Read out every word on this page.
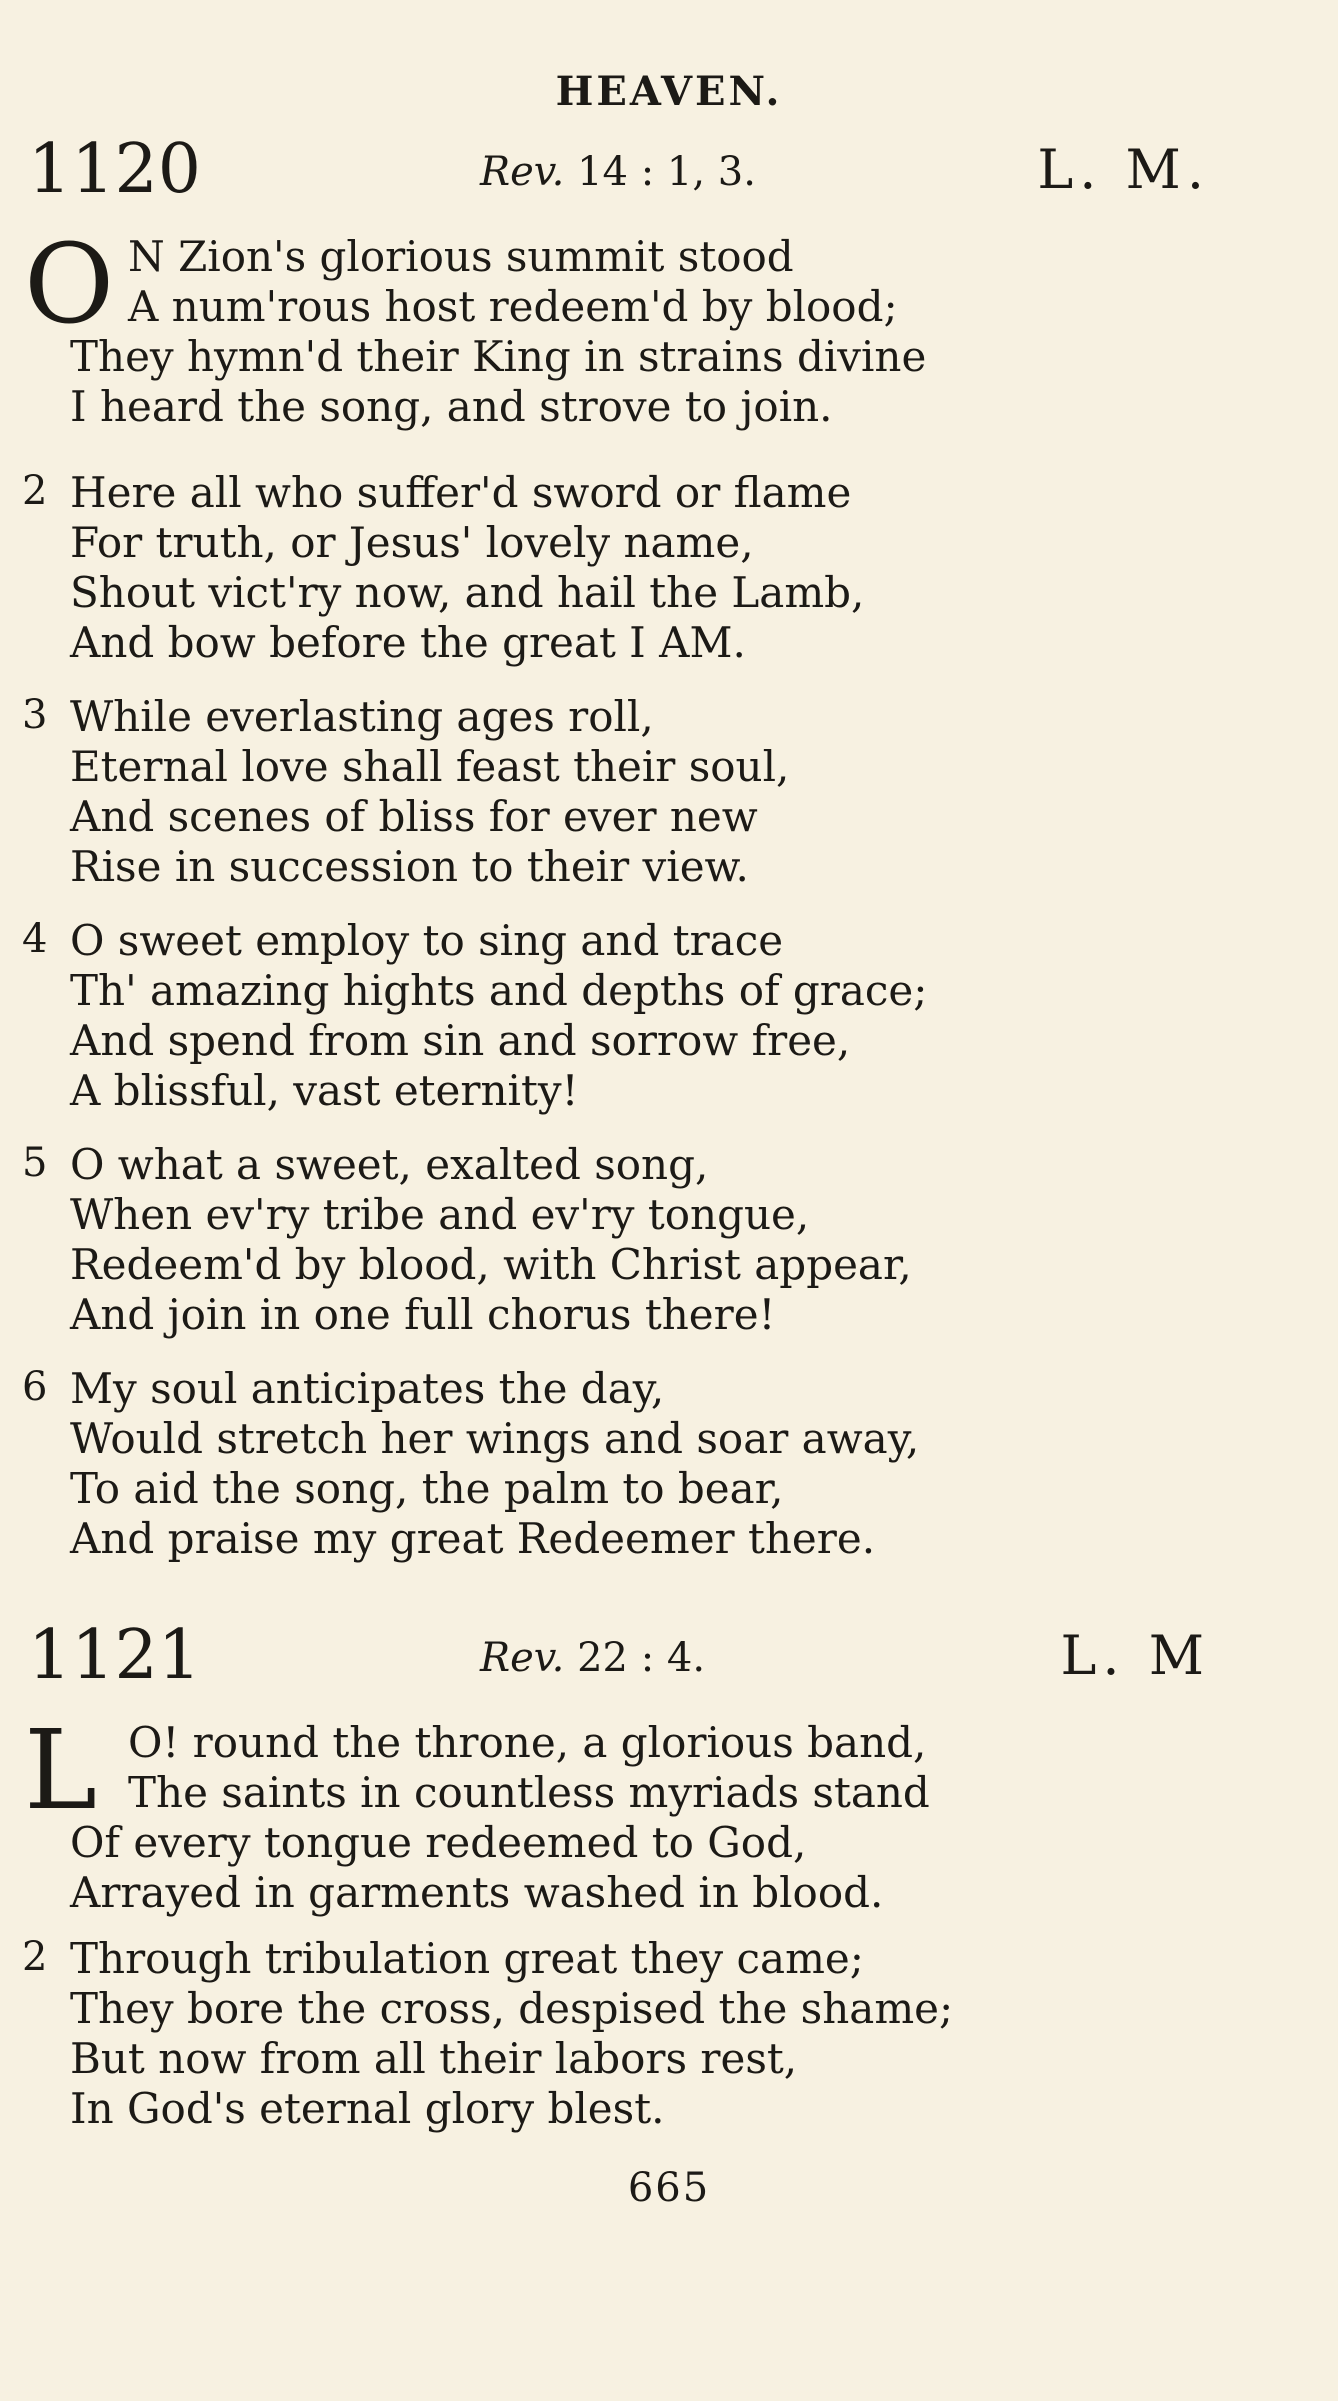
HEAVEN.
1120	Rev. 14 : 1, 3.	L. M.
O N Zion's glorious summit stood
A num'rous host redeem'd by blood;
They hymn'd their King in strains divine
I heard the song, and strove to join.
2 Here all who suffer'd sword or flame
For truth, or Jesus' lovely name,
Shout vict'ry now, and hail the Lamb,
And bow before the great I AM.
3 While everlasting ages roll,
Eternal love shall feast their soul,
And scenes of bliss for ever new
Rise in succession to their view.
4 O sweet employ to sing and trace
Th' amazing hights and depths of grace;
And spend from sin and sorrow free,
A blissful, vast eternity!
5 O what a sweet, exalted song,
When ev'ry tribe and ev'ry tongue,
Redeem'd by blood, with Christ appear,
And join in one full chorus there!
6 My soul anticipates the day,
Would stretch her wings and soar away,
To aid the song, the palm to bear,
And praise my great Redeemer there.
1121	Rev. 22 : 4.	L. M
L O! round the throne, a glorious band,
The saints in countless myriads stand
Of every tongue redeemed to God,
Arrayed in garments washed in blood.
2 Through tribulation great they came;
They bore the cross, despised the shame;
But now from all their labors rest,
In God's eternal glory blest.
665
